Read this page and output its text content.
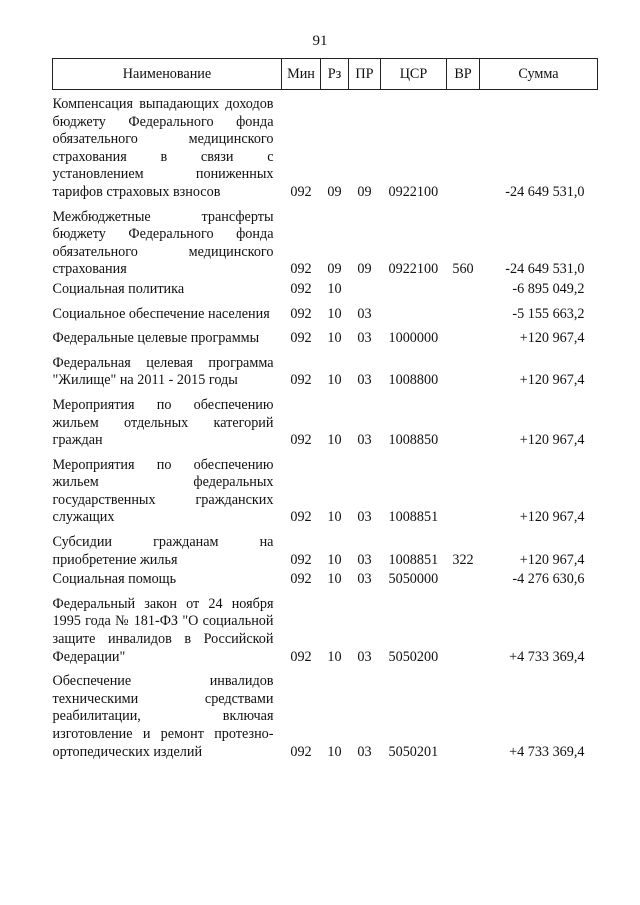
91
Наименование	Мин	Рз	ПР	ЦСР	ВР	Сумма

Компенсация выпадающих доходов бюджету Федерального фонда обязательного медицинского страхования в связи с установлением пониженных тарифов страховых взносов	092	09	09	0922100		-24 649 531,0

Межбюджетные трансферты бюджету Федерального фонда обязательного медицинского страхования	092	09	09	0922100	560	-24 649 531,0

Социальная политика	092	10				-6 895 049,2

Социальное обеспечение населения	092	10	03			-5 155 663,2

Федеральные целевые программы	092	10	03	1000000		+120 967,4

Федеральная целевая программа "Жилище" на 2011 - 2015 годы	092	10	03	1008800		+120 967,4

Мероприятия по обеспечению жильем отдельных категорий граждан	092	10	03	1008850		+120 967,4

Мероприятия по обеспечению жильем федеральных государственных гражданских служащих	092	10	03	1008851		+120 967,4

Субсидии гражданам на приобретение жилья	092	10	03	1008851	322	+120 967,4

Социальная помощь	092	10	03	5050000		-4 276 630,6

Федеральный закон от 24 ноября 1995 года № 181-ФЗ "О социальной защите инвалидов в Российской Федерации"	092	10	03	5050200		+4 733 369,4

Обеспечение инвалидов техническими средствами реабилитации, включая изготовление и ремонт протезно-ортопедических изделий	092	10	03	5050201		+4 733 369,4
